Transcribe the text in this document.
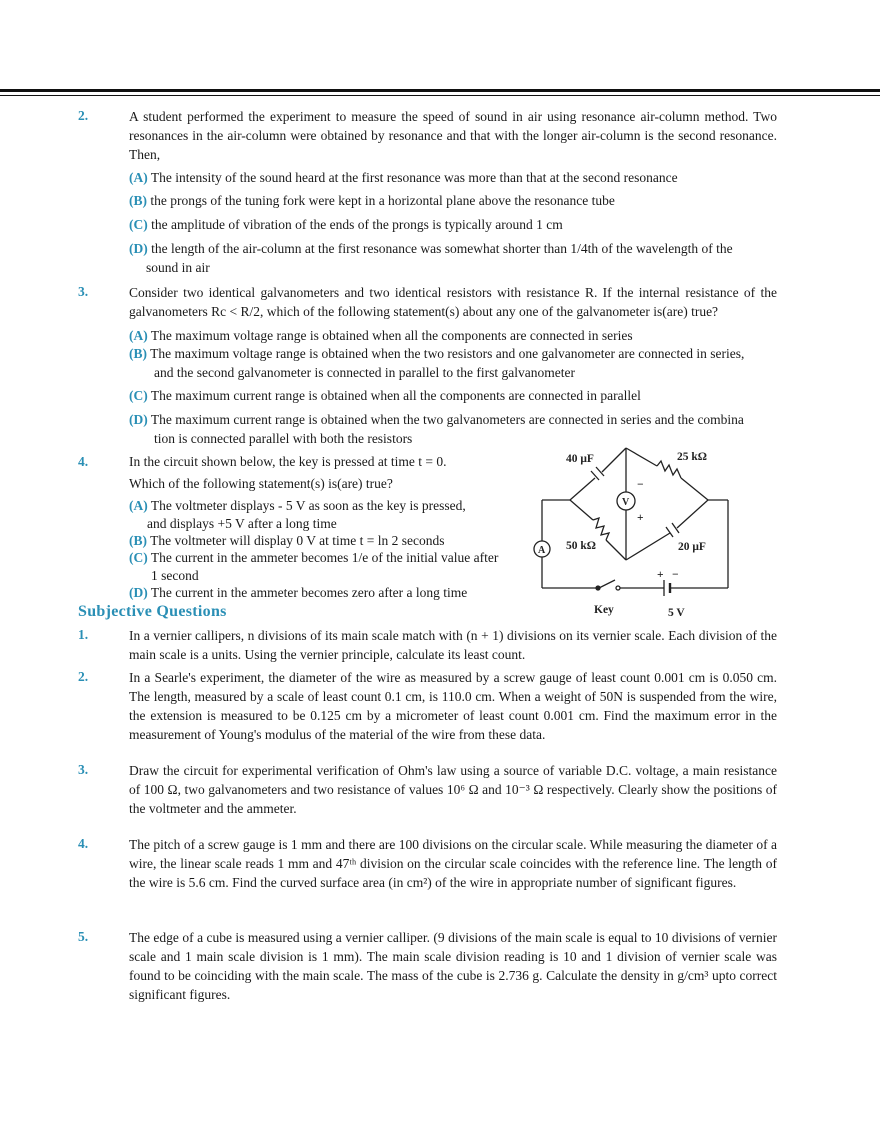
2.	A student performed the experiment to measure the speed of sound in air using resonance air-column method. Two resonances in the air-column were obtained by resonance and that with the longer air-column is the second resonance. Then,
(A) The intensity of the sound heard at the first resonance was more than that at the second resonance
(B) the prongs of the tuning fork were kept in a horizontal plane above the resonance tube
(C) the amplitude of vibration of the ends of the prongs is typically around 1 cm
(D) the length of the air-column at the first resonance was somewhat shorter than 1/4th of the wavelength of the
sound in air
3.	Consider two identical galvanometers and two identical resistors with resistance R. If the internal resistance of the galvanometers Rc < R/2, which of the following statement(s) about any one of the galvanometer is(are) true?
(A) The maximum voltage range is obtained when all the components are connected in series
(B) The maximum voltage range is obtained when the two resistors and one galvanometer are connected in series,
and the second galvanometer is connected in parallel to the first galvanometer
(C) The maximum current range is obtained when all the components are connected in parallel
(D) The maximum current range is obtained when the two galvanometers are connected in series and the combina
tion is connected parallel with both the resistors
4.	In the circuit shown below, the key is pressed at time t = 0.
Which of the following statement(s) is(are) true?
(A) The voltmeter displays - 5 V as soon as the key is pressed,
and displays +5 V after a long time
(B) The voltmeter will display 0 V at time t = ln 2 seconds
(C) The current in the ammeter becomes 1/e of the initial value after
1 second
(D) The current in the ammeter becomes zero after a long time
40 μF	25 kΩ
50 kΩ	20 μF
V
A
−
+
Key	5 V
+ −
Subjective Questions
1.	In a vernier callipers, n divisions of its main scale match with (n + 1) divisions on its vernier scale. Each division of the main scale is a units. Using the vernier principle, calculate its least count.
2.	In a Searle's experiment, the diameter of the wire as measured by a screw gauge of least count 0.001 cm is 0.050 cm. The length, measured by a scale of least count 0.1 cm, is 110.0 cm. When a weight of 50N is suspended from the wire, the extension is measured to be 0.125 cm by a micrometer of least count 0.001 cm. Find the maximum error in the measurement of Young's modulus of the material of the wire from these data.
3.	Draw the circuit for experimental verification of Ohm's law using a source of variable D.C. voltage, a main resistance of 100 Ω, two galvanometers and two resistance of values 10⁶ Ω and 10⁻³ Ω respectively. Clearly show the positions of the voltmeter and the ammeter.
4.	The pitch of a screw gauge is 1 mm and there are 100 divisions on the circular scale. While measuring the diameter of a wire, the linear scale reads 1 mm and 47ᵗʰ division on the circular scale coincides with the reference line. The length of the wire is 5.6 cm. Find the curved surface area (in cm²) of the wire in appropriate number of significant figures.
5.	The edge of a cube is measured using a vernier calliper. (9 divisions of the main scale is equal to 10 divisions of vernier scale and 1 main scale division is 1 mm). The main scale division reading is 10 and 1 division of vernier scale was found to be coinciding with the main scale. The mass of the cube is 2.736 g. Calculate the density in g/cm³ upto correct significant figures.
